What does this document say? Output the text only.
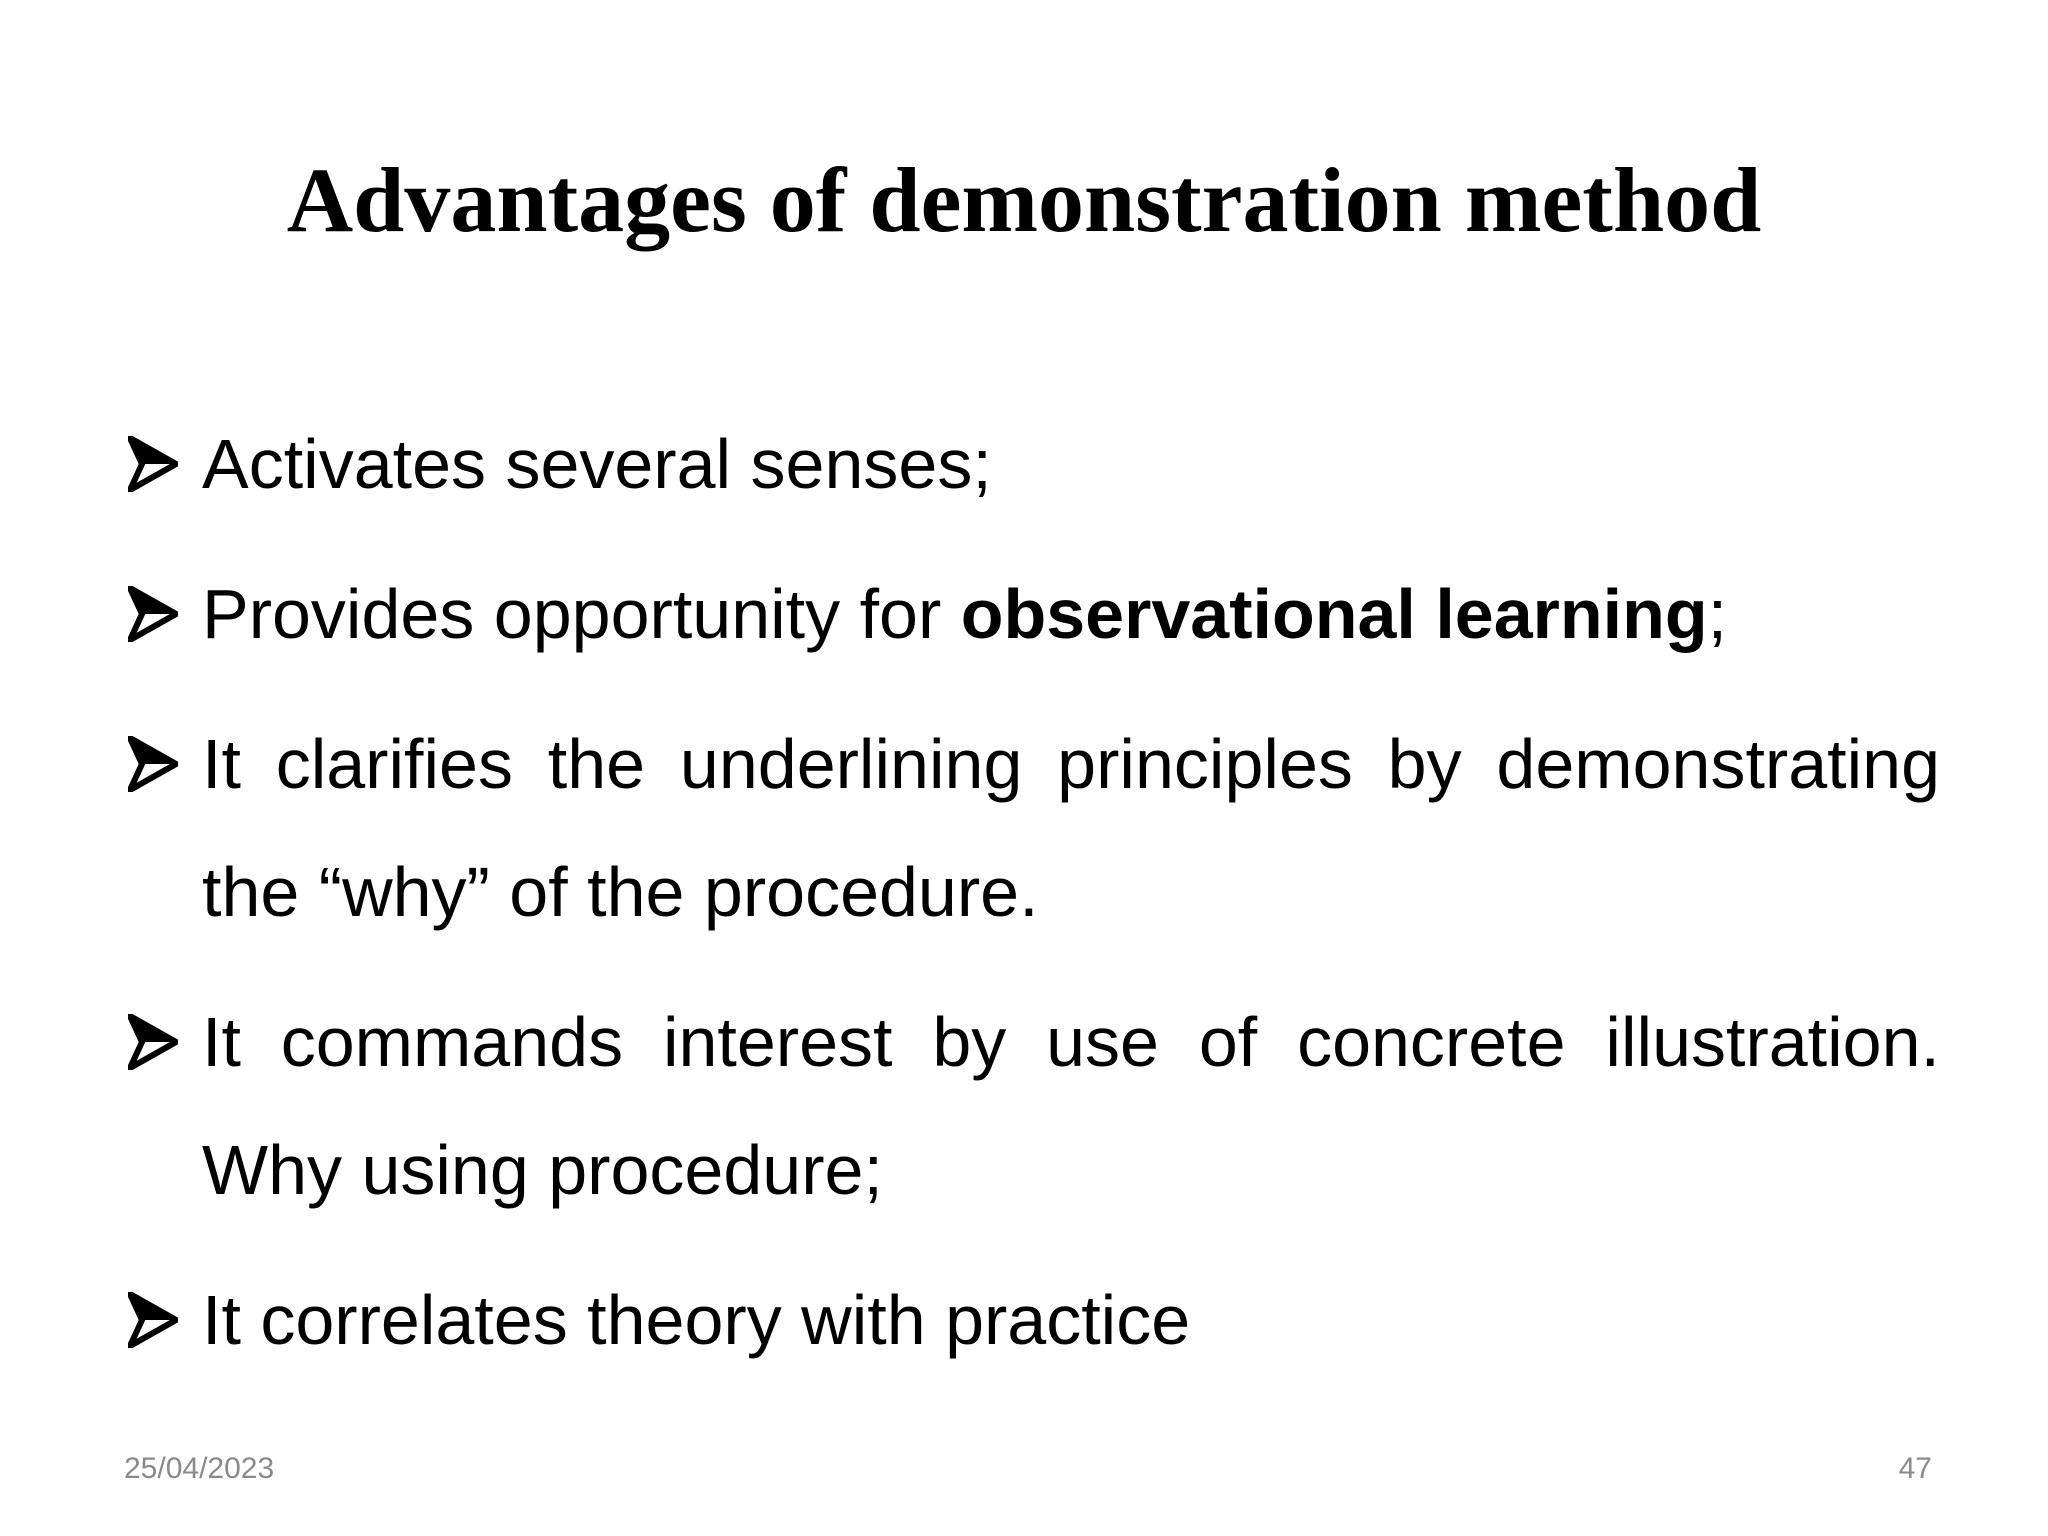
Advantages of demonstration method
Activates several senses;
Provides opportunity for observational learning;
It clarifies the underlining principles by demonstrating the “why” of the procedure.
It commands interest by use of concrete illustration. Why using procedure;
It correlates theory with practice
25/04/2023	47
